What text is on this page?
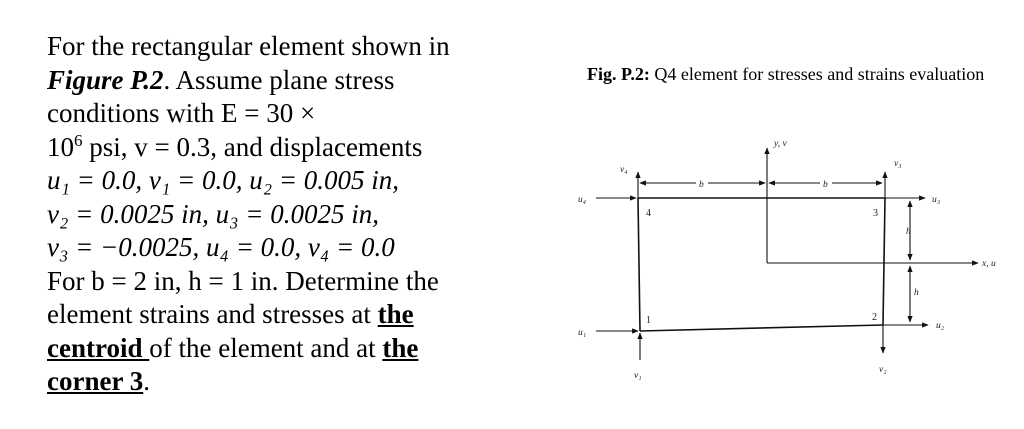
For the rectangular element shown in
Figure P.2. Assume plane stress
conditions with E = 30 ×
$10^6$ psi, v = 0.3, and displacements
u₁ = 0.0, v₁ = 0.0, u₂ = 0.005 in,
v₂ = 0.0025 in, u₃ = 0.0025 in,
v₃ = −0.0025, u₄ = 0.0, v₄ = 0.0
For b = 2 in, h = 1 in. Determine the
element strains and stresses at the
centroid of the element and at the
corner 3.
Fig. P.2: Q4 element for stresses and strains evaluation
y, v
x, u
v₄
v₃
v₁
v₂
u₄	u₃
u₁
u₂
b	b
h
h
4	3
1	2
